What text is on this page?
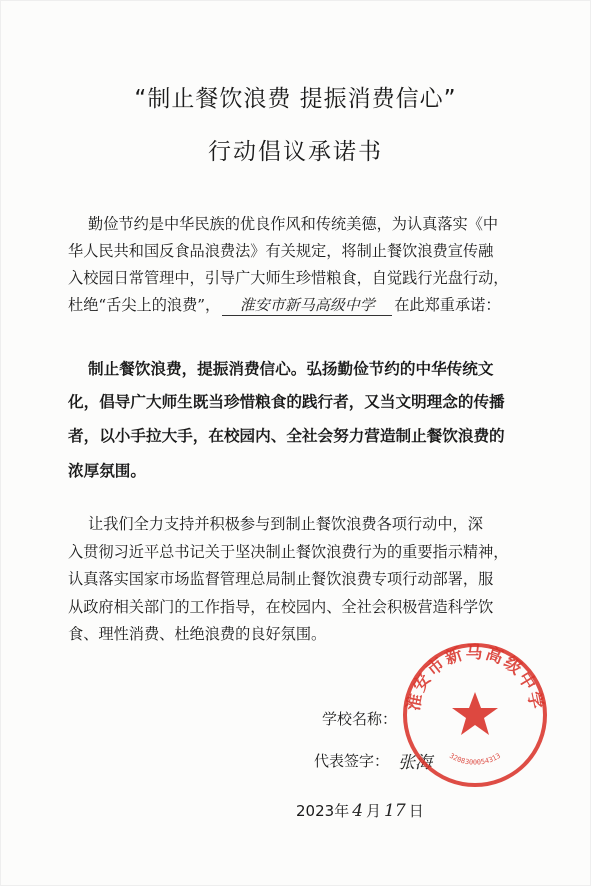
“制止餐饮浪费 提振消费信心”
行动倡议承诺书
勤俭节约是中华民族的优良作风和传统美德，为认真落实《中
华人民共和国反食品浪费法》有关规定，将制止餐饮浪费宣传融
入校园日常管理中，引导广大师生珍惜粮食，自觉践行光盘行动，
杜绝“舌尖上的浪费”， 淮安市新马高级中学 在此郑重承诺：
制止餐饮浪费，提振消费信心。弘扬勤俭节约的中华传统文
化，倡导广大师生既当珍惜粮食的践行者，又当文明理念的传播
者，以小手拉大手，在校园内、全社会努力营造制止餐饮浪费的
浓厚氛围。
让我们全力支持并积极参与到制止餐饮浪费各项行动中，深
入贯彻习近平总书记关于坚决制止餐饮浪费行为的重要指示精神，
认真落实国家市场监督管理总局制止餐饮浪费专项行动部署，服
从政府相关部门的工作指导，在校园内、全社会积极营造科学饮
食、理性消费、杜绝浪费的良好氛围。
学校名称：
代表签字： 张海
2023年 4 月 17 日
淮安市新马高级中学
3208300054313
